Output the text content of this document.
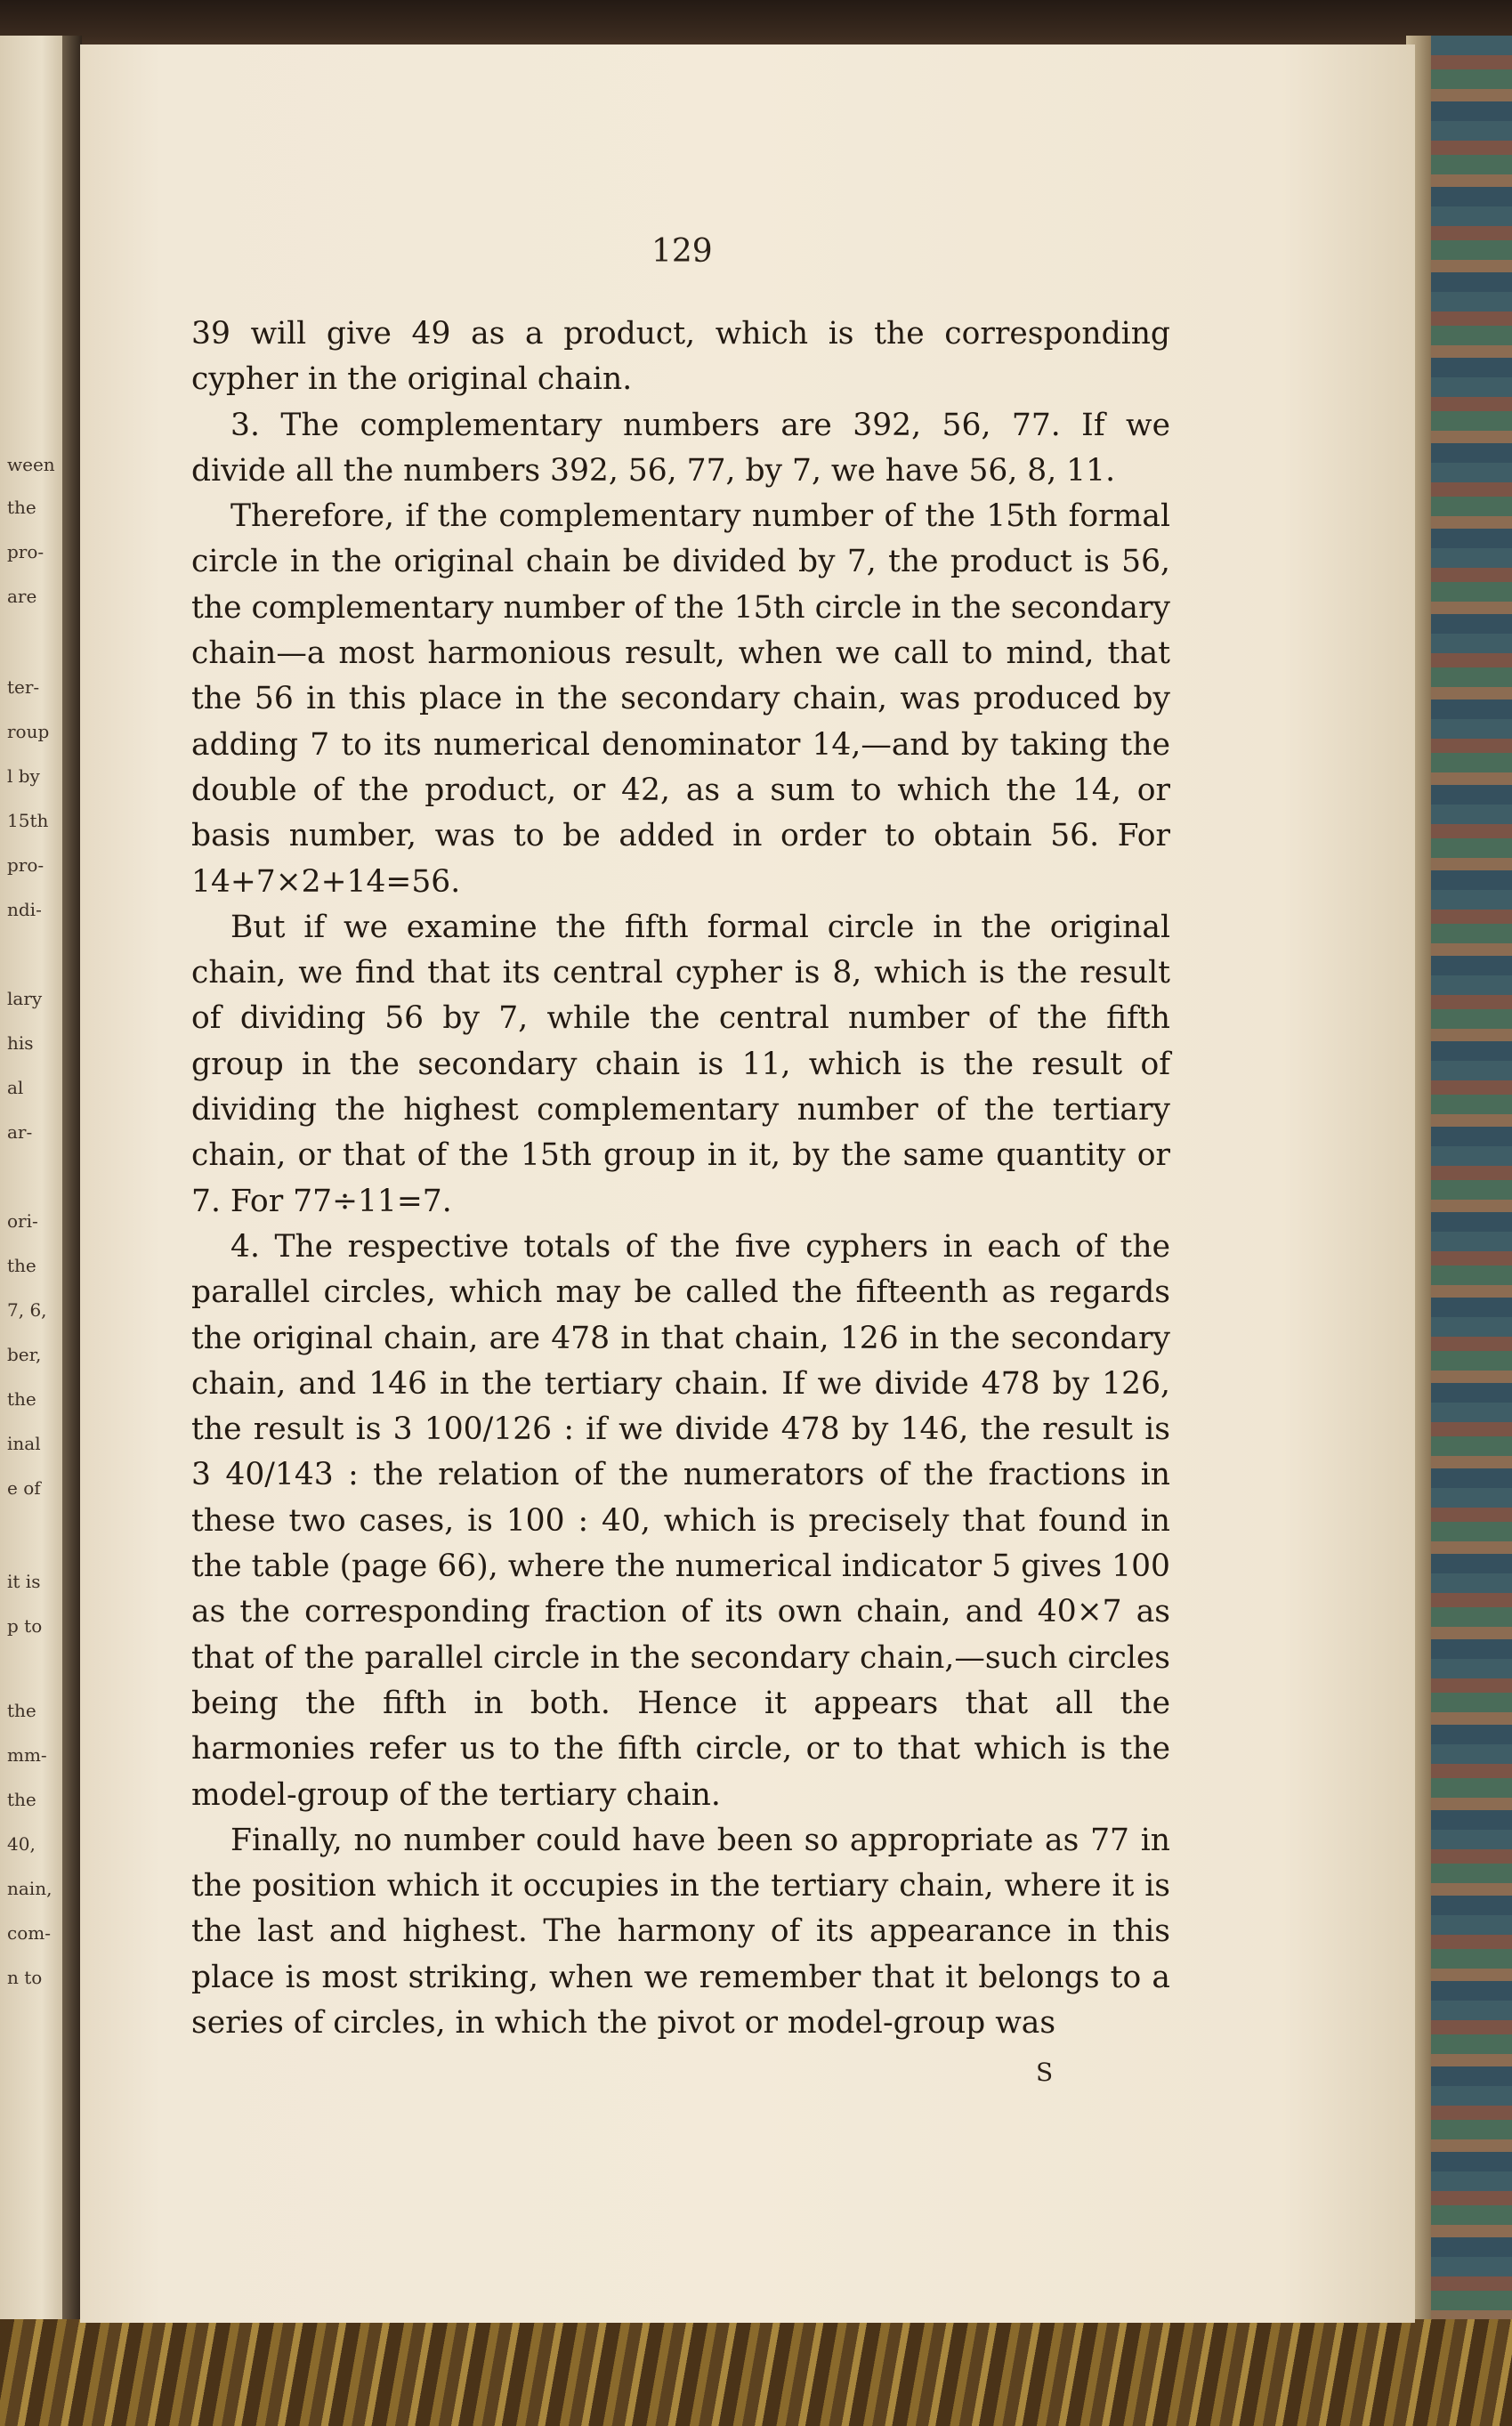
ween
the
pro-
are
ter-
roup
l by
15th
pro-
ndi-
lary
his
al
ar-
ori-
the
7, 6,
ber,
the
inal
e of
it is
p to
the
mm-
the
40,
nain,
com-
n to
129

39 will give 49 as a product, which is the corresponding cypher in the original chain.

3. The complementary numbers are 392, 56, 77. If we divide all the numbers 392, 56, 77, by 7, we have 56, 8, 11.

Therefore, if the complementary number of the 15th formal circle in the original chain be divided by 7, the product is 56, the complementary number of the 15th circle in the secondary chain—a most harmonious result, when we call to mind, that the 56 in this place in the secondary chain, was produced by adding 7 to its numerical denominator 14,—and by taking the double of the product, or 42, as a sum to which the 14, or basis number, was to be added in order to obtain 56. For 14+7×2+14=56.

But if we examine the fifth formal circle in the original chain, we find that its central cypher is 8, which is the result of dividing 56 by 7, while the central number of the fifth group in the secondary chain is 11, which is the result of dividing the highest complementary number of the tertiary chain, or that of the 15th group in it, by the same quantity or 7. For 77÷11=7.

4. The respective totals of the five cyphers in each of the parallel circles, which may be called the fifteenth as regards the original chain, are 478 in that chain, 126 in the secondary chain, and 146 in the tertiary chain. If we divide 478 by 126, the result is 3 100/126 : if we divide 478 by 146, the result is 3 40/143 : the relation of the numerators of the fractions in these two cases, is 100 : 40, which is precisely that found in the table (page 66), where the numerical indicator 5 gives 100 as the corresponding fraction of its own chain, and 40×7 as that of the parallel circle in the secondary chain,—such circles being the fifth in both. Hence it appears that all the harmonies refer us to the fifth circle, or to that which is the model-group of the tertiary chain.

Finally, no number could have been so appropriate as 77 in the position which it occupies in the tertiary chain, where it is the last and highest. The harmony of its appearance in this place is most striking, when we remember that it belongs to a series of circles, in which the pivot or model-group was

S
